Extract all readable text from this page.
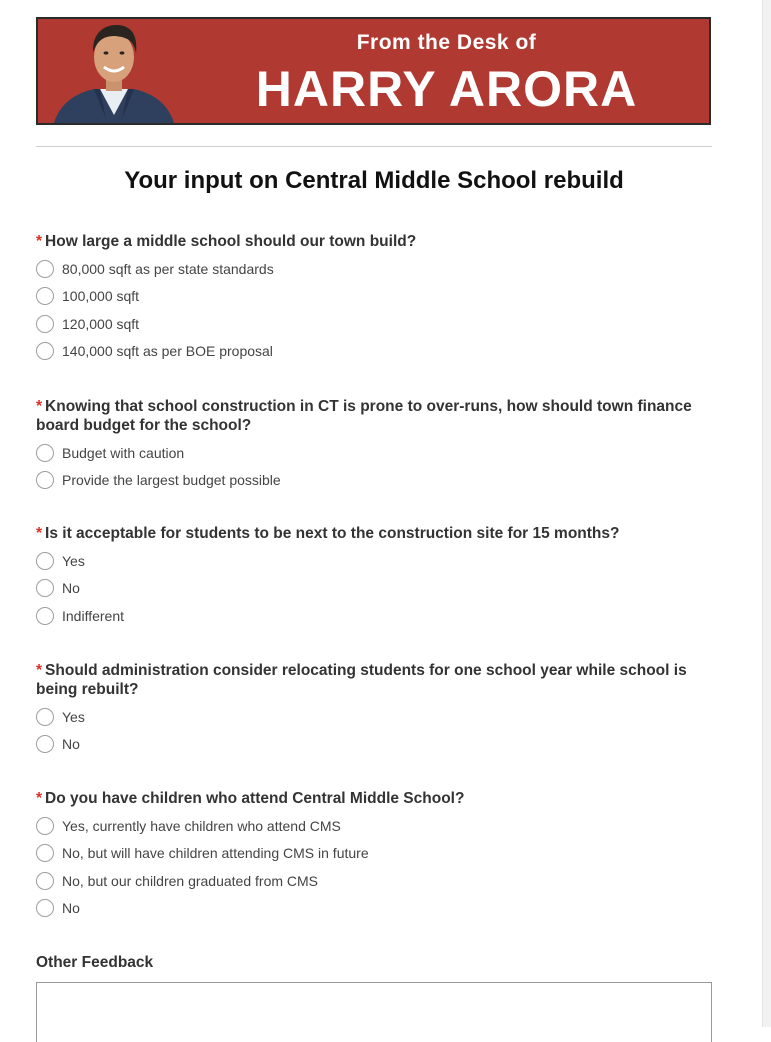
From the Desk of
HARRY ARORA
Your input on Central Middle School rebuild
* How large a middle school should our town build?
80,000 sqft as per state standards
100,000 sqft
120,000 sqft
140,000 sqft as per BOE proposal
* Knowing that school construction in CT is prone to over-runs, how should town finance board budget for the school?
Budget with caution
Provide the largest budget possible
* Is it acceptable for students to be next to the construction site for 15 months?
Yes
No
Indifferent
* Should administration consider relocating students for one school year while school is being rebuilt?
Yes
No
* Do you have children who attend Central Middle School?
Yes, currently have children who attend CMS
No, but will have children attending CMS in future
No, but our children graduated from CMS
No
Other Feedback
